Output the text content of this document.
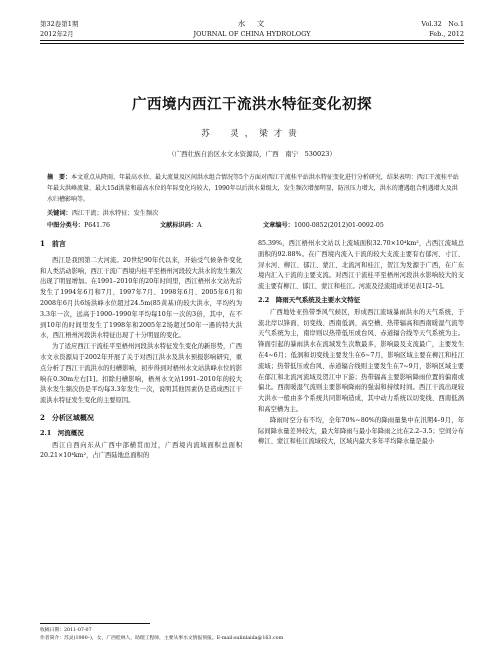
第32卷第1期
2012年2月
水　文
JOURNAL OF CHINA HYDROLOGY
Vol.32　No.1
Feb., 2012
广西境内西江干流洪水特征变化初探
苏　灵，梁才贵
（广西壮族自治区水文水资源局，广西　南宁　530023）
摘　要：本文重点从降雨、年最高水位、最大流量及区间洪水组合情况等5个方面对西江干流桂平站洪水特征变化进行分析研究，结果表明：西江干流桂平站年最大洪峰流量、最大15d洪量和最高水位的年际变化均较大，1990年以后洪水量级大，发生频次增加明显，防汛压力增大，洪水的遭遇组合机遇增大及洪水归槽影响等。
关键词：西江干流；洪水特征；发生频次
中图分类号：P641.76	文献标识码：A	文章编号：1000-0852(2012)01-0092-05
1　前言

西江是我国第二大河流。20世纪90年代以来，开始受气候条件变化和人类活动影响，西江干流广西境内桂平至梧州河段较大洪水的发生频次出现了明显增加。在1991–2010年的20年时间里，西江梧州水文站先后发生了1994年6月和7月、1997年7月、1998年6月、2005年6月和2008年6月共6场洪峰水位超过24.5m(85黄基)的较大洪水，平均约为3.3年一次，远高于1900–1990年平均每10年一次的3倍，其中，在不到10年的时间里发生了1998年和2005年2场超过50年一遇的特大洪水，西江梧州河段洪水特征出现了十分明显的变化。

为了适应西江干流桂平至梧州河段洪水特征发生变化的新形势，广西水文水资源局于2002年开展了关于对西江洪水及洪水预报影响研究，重点分析了西江干流洪水的归槽影响，初步得到对梧州水文站洪峰水位的影响在0.30m左右[1]。扣除归槽影响，梧州水文站1991–2010年的较大洪水发生频次仍是平均每3.3年发生一次，说明其他因素仍是造成西江干流洪水特征发生变化的主要原因。

2　分析区域概况
2.1　河流概况

西江自西向东从广西中部横贯而过，广西境内流域面积总面积20.21×10⁴km²，占广西陆地总面积的

85.39%，西江梧州水文站以上流域面积32.70×10⁴km²，占西江流域总面积的92.88%。在广西境内流入干流的较大支流主要有右郁河、寸江、浔水河、柳江、郁江、蒙江、北流河和桂江，贺江为发源于广西，在广东境内汇入干流的主要支流。对西江干流桂平至梧州河段洪水影响较大的支流主要有柳江、郁江、蒙江和桂江。河流及径流组成详见表1[2–5]。

2.2　降雨天气系统及主要水文特征

广西地处亚热带季风气候区，形成西江流域暴雨洪水的天气系统，于流北岸以锋面、切变线、西南低涡、高空槽、热带辐高和西南暖湿气流等天气系统为主，南岸则以热带低压或台风、赤道辐合线等天气系统为主。锋面引起的暴雨洪水在流域发生次数最多，影响最及支流最广，主要发生在4~6月；低涡和切变线主要发生在6~7月，影响区域主要在柳江和桂江流域；热带低压或台风、赤道辐合线则主要发生在7~9月，影响区域主要在郁江和北流河流域及贺江中下游；热带辐高主要影响降雨位置的偏南或偏北。西南暖湿气流则主要影响降雨的强弱和持续时间。西江干流出现较大洪水一般由多个系统共同影响造成，其中动力系统以切变线、西南低涡和高空槽为主。

降雨时空分布不均，全年70%~80%的降雨量集中在汛期4–9月，年际间降水量差异较大，最大年降雨与最小年降雨之比在2.2–3.5；空间分布柳江、蒙江和桂江流域较大，区域内最大多年平均降水量是最小

收稿日期：2011-07-07
作者简介：苏灵(1980–)，女，广西桂林人，助理工程师，主要从事水文情报预报。E-mail:sulinlaida@163.com
